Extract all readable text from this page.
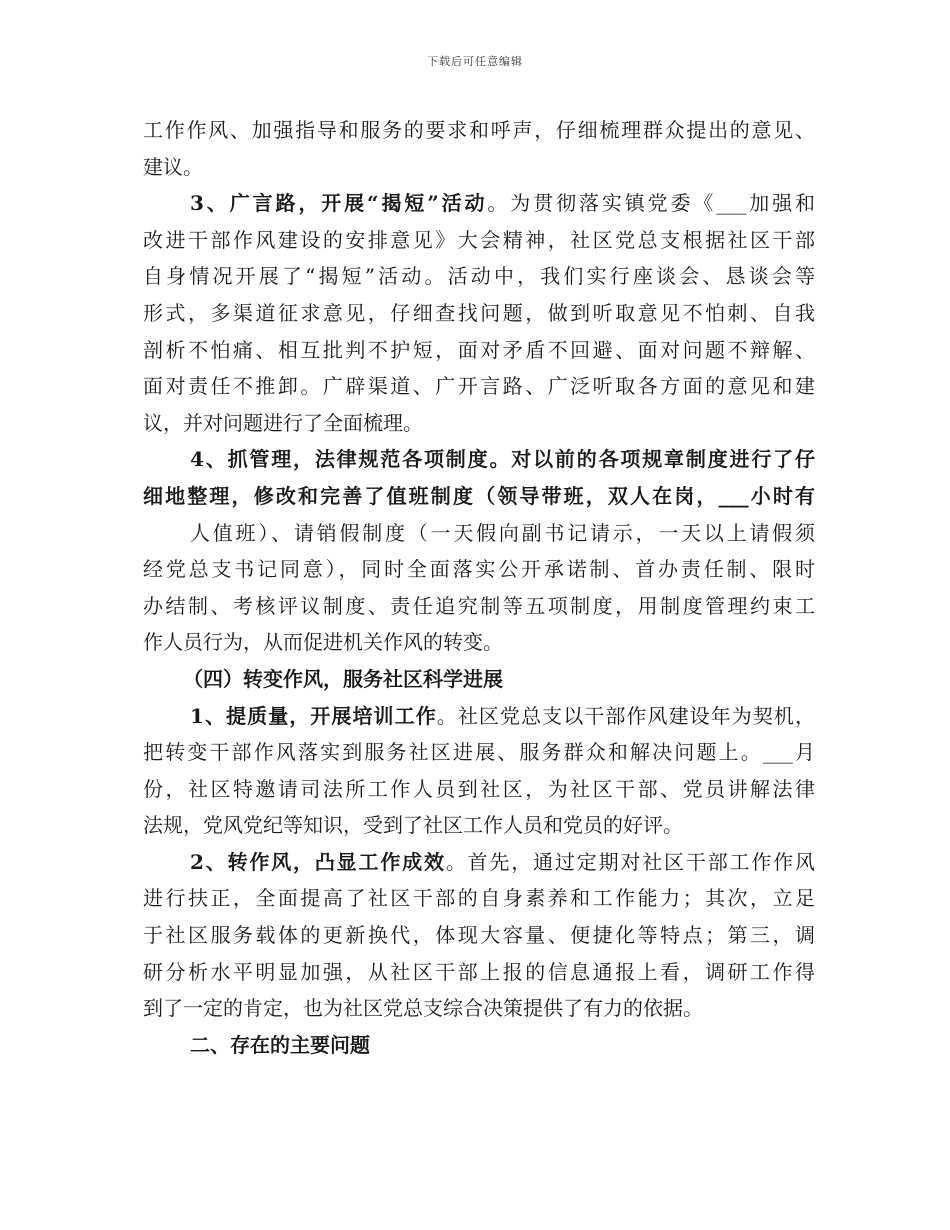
下载后可任意编辑
工作作风、加强指导和服务的要求和呼声，仔细梳理群众提出的意见、
建议。
3、广言路，开展“揭短”活动。为贯彻落实镇党委《___加强和
改进干部作风建设的安排意见》大会精神，社区党总支根据社区干部
自身情况开展了“揭短”活动。活动中，我们实行座谈会、恳谈会等
形式，多渠道征求意见，仔细查找问题，做到听取意见不怕刺、自我
剖析不怕痛、相互批判不护短，面对矛盾不回避、面对问题不辩解、
面对责任不推卸。广辟渠道、广开言路、广泛听取各方面的意见和建
议，并对问题进行了全面梳理。
4、抓管理，法律规范各项制度。对以前的各项规章制度进行了仔
细地整理，修改和完善了值班制度（领导带班，双人在岗，___小时有
人值班）、请销假制度（一天假向副书记请示，一天以上请假须
经党总支书记同意），同时全面落实公开承诺制、首办责任制、限时
办结制、考核评议制度、责任追究制等五项制度，用制度管理约束工
作人员行为，从而促进机关作风的转变。
（四）转变作风，服务社区科学进展
1、提质量，开展培训工作。社区党总支以干部作风建设年为契机，
把转变干部作风落实到服务社区进展、服务群众和解决问题上。___月
份，社区特邀请司法所工作人员到社区，为社区干部、党员讲解法律
法规，党风党纪等知识，受到了社区工作人员和党员的好评。
2、转作风，凸显工作成效。首先，通过定期对社区干部工作作风
进行扶正，全面提高了社区干部的自身素养和工作能力；其次，立足
于社区服务载体的更新换代，体现大容量、便捷化等特点；第三，调
研分析水平明显加强，从社区干部上报的信息通报上看，调研工作得
到了一定的肯定，也为社区党总支综合决策提供了有力的依据。
二、存在的主要问题
